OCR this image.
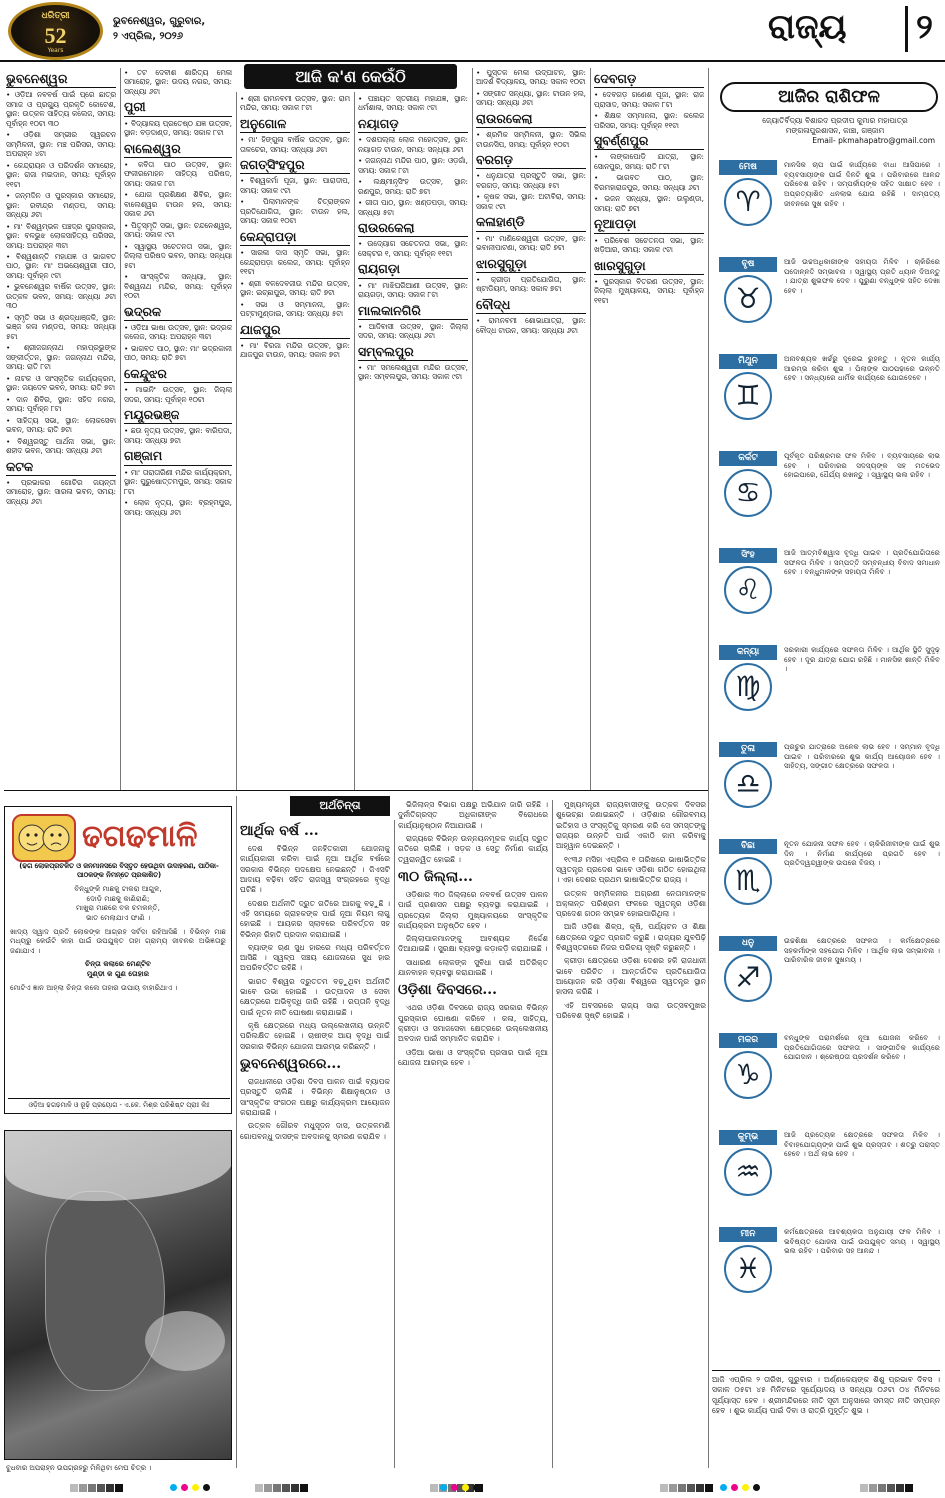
ଧରିତ୍ରୀ
52
Years
ଭୁବନେଶ୍ୱର, ଗୁରୁବାର,
୨ ଏପ୍ରିଲ, ୨୦୨୬	ରାଜ୍ୟ	୨
ଆଜି କ'ଣ କେଉଁଠି
ଭୁବନେଶ୍ୱର

• ଓଡ଼ିଆ ନବବର୍ଷ ପାଇଁ ପ୍ରେ ଛାତ୍ର ସମାଜ ଓ ପ୍ରଗ୍ୟୁ ପ୍ରକୃତି କୋଟେଶ, ସ୍ଥାନ: ଉତ୍କଳ ସାହିତ୍ୟ କଲେଜ, ସମୟ: ପୂର୍ବାହ୍ନ ୧୦ଟା ୩୦

• ଓଡ଼ିଶା ସମ୍ଭୀର ସ୍ୱରଚନ ସମ୍ମିଳନୀ, ସ୍ଥାନ: ମଞ୍ଚ ପରିସର, ସମୟ: ଅପରାହ୍ନ ୪ଟା

• କେନ୍ଦ୍ରାୟନ ଓ ପରିଦର୍ଶନ ସମାରୋହ, ସ୍ଥାନ: ରାଜା ମଇଦାନ, ସମୟ: ପୂର୍ବାହ୍ନ ୧୧ଟା

• ଜନ୍ମଦିନ ଓ ପୁରସ୍କାର ସମାରୋହ, ସ୍ଥାନ: ରବୀନ୍ଦ୍ର ମଣ୍ଡପ, ସମୟ: ସନ୍ଧ୍ୟା ୬ଟା

• ମା' ବିଶ୍ୱମ୍ଭଳ ପଞ୍ଚଦ୍ର ପୁରସ୍କାର, ସ୍ଥାନ: ବଳଭୁଝ ଲୋକସାହିତ୍ୟ ପରିସର, ସମୟ: ଅପରାହ୍ନ ୩ଟା

• ବିଶ୍ୱଶାନ୍ତି ମହାଯଜ୍ଞ ଓ ଭାଗବତ ପାଠ, ସ୍ଥାନ: ମା' ଅଭୟେଶ୍ୱରୀ ପୀଠ, ସମୟ: ପୂର୍ବାହ୍ନ ୯ଟା

• ଭୁବନେଶ୍ୱର ବାର୍ଷିକ ଉତ୍ସବ, ସ୍ଥାନ: ଉତ୍କଳ ଭବନ, ସମୟ: ସନ୍ଧ୍ୟା ୬ଟା ୩୦

• ସ୍ମୃତି ସଭା ଓ ଶ୍ରଦ୍ଧାଞ୍ଜଳି, ସ୍ଥାନ: ଭଞ୍ଜ କଳା ମଣ୍ଡପ, ସମୟ: ସନ୍ଧ୍ୟା ୫ଟା

• ଶ୍ରୀଜଗନ୍ନାଥ ମହାପ୍ରଭୁଙ୍କ ସଙ୍କୀର୍ତ୍ତନ, ସ୍ଥାନ: ଜଗନ୍ନାଥ ମନ୍ଦିର, ସମୟ: ରାତି ୮ଟା

• ନାଟକ ଓ ସାଂସ୍କୃତିକ କାର୍ଯ୍ୟକ୍ରମ, ସ୍ଥାନ: ଜୟଦେବ ଭବନ, ସମୟ: ରାତି ୭ଟା

• ଦାନ ଶିବିର, ସ୍ଥାନ: ସହିଦ ନଗର, ସମୟ: ପୂର୍ବାହ୍ନ ୮ଟା

• ସାହିତ୍ୟ ସଭା, ସ୍ଥାନ: ଲୋକସେବା ଭବନ, ସମୟ: ରାତି ୭ଟା

• ବିଶ୍ୱରସ୍ତୁ ପାର୍ଥନା ସଭା, ସ୍ଥାନ: ଶହୀଦ ଭବନ, ସମୟ: ସନ୍ଧ୍ୟା ୬ଟା

କଟକ

• ପ୍ରଭାକର ଗୋଚିର ଜୟନ୍ତୀ ସମାରୋହ, ସ୍ଥାନ: ସାରଳା ଭବନ, ସମୟ: ସନ୍ଧ୍ୟା ୬ଟା

• ତଟ ଦେବୀଶ ଶାରିତ୍ୟ ମେଳା ସମାରୋହ, ସ୍ଥାନ: ଉଦୟ ନଗର, ସମୟ: ସନ୍ଧ୍ୟା ୬ଟା

ପୁରୀ

• ବିଦ୍ୟାଳୟ ପ୍ରତେଷ୍ଠ ଯଜ୍ଞ ଉତ୍ସବ, ସ୍ଥାନ: ବଡ଼ଦାଣ୍ଡ, ସମୟ: ସକାଳ ୮ଟା

ବାଲେଶ୍ୱର

• କବିତା ପାଠ ଉତ୍ସବ, ସ୍ଥାନ: ଫକୀରମୋହନ ସାହିତ୍ୟ ପରିଷଦ, ସମୟ: ସକାଳ ୮ଟା

• ଯୋଗ ପ୍ରଶିକ୍ଷଣ ଶିବିର, ସ୍ଥାନ: ବାଲେଶ୍ୱର ଟାଉନ ହଲ, ସମୟ: ସକାଳ ୬ଟା

• ପିତୃସ୍ମୃତି ସଭା, ସ୍ଥାନ: ଚନ୍ଦନେଶ୍ୱର, ସମୟ: ସକାଳ ୯ଟା

• ସ୍ୱାସ୍ଥ୍ୟ ସଚେତନତା ସଭା, ସ୍ଥାନ: ଜିଲ୍ଲା ପରିଷଦ ଭବନ, ସମୟ: ସନ୍ଧ୍ୟା ୫ଟା

• ସାଂସ୍କୃତିକ ସନ୍ଧ୍ୟା, ସ୍ଥାନ: ବିଶ୍ୱନାଥ ମନ୍ଦିର, ସମୟ: ପୂର୍ବାହ୍ନ ୧୦ଟା

ଭଦ୍ରକ

• ଓଡ଼ିଆ ଭାଷା ଉତ୍ସବ, ସ୍ଥାନ: ଭଦ୍ରକ କଲେଜ, ସମୟ: ଅପରାହ୍ନ ୩ଟା

• ଭାଗବତ ପାଠ, ସ୍ଥାନ: ମା' ଭଦ୍ରକାଳୀ ପୀଠ, ସମୟ: ରାତି ୭ଟା

କେନ୍ଦୁଝର

• ମାଇନିଂ ଉତ୍ସବ, ସ୍ଥାନ: ଜିଲ୍ଲା ସଦର, ସମୟ: ପୂର୍ବାହ୍ନ ୧୦ଟା

ମୟୂରଭଞ୍ଜ

• ଛଉ ନୃତ୍ୟ ଉତ୍ସବ, ସ୍ଥାନ: ବାରିପଦା, ସମୟ: ସନ୍ଧ୍ୟା ୭ଟା

ଗଞ୍ଜାମ

• ମା' ତାରାତାରିଣୀ ମନ୍ଦିର କାର୍ଯ୍ୟକ୍ରମ, ସ୍ଥାନ: ପୁରୁଷୋତ୍ତମପୁର, ସମୟ: ସକାଳ ୮ଟା

• ଲୋକ ନୃତ୍ୟ, ସ୍ଥାନ: ବ୍ରହ୍ମପୁର, ସମୟ: ସନ୍ଧ୍ୟା ୬ଟା

• ଶ୍ରୀ ରାମନବମୀ ଉତ୍ସବ, ସ୍ଥାନ: ରାମ ମନ୍ଦିର, ସମୟ: ସକାଳ ୮ଟା

ଅନୁଗୋଳ

• ମା' ହିଙ୍ଗୁଳା ବାର୍ଷିକ ଉତ୍ସବ, ସ୍ଥାନ: ତାଳଚେର, ସମୟ: ସନ୍ଧ୍ୟା ୬ଟା

ଜଗତ୍‌ସିଂହପୁର

• ବିଶ୍ୱକର୍ମା ପୂଜା, ସ୍ଥାନ: ପାରାଦୀପ, ସମୟ: ସକାଳ ୯ଟା

• ପିଲାମାନଙ୍କ ଚିତ୍ରାଙ୍କନ ପ୍ରତିଯୋଗିତା, ସ୍ଥାନ: ଟାଉନ ହଲ, ସମୟ: ସକାଳ ୧୦ଟା

କେନ୍ଦ୍ରାପଡ଼ା

• ସାରଳା ଦାସ ସ୍ମୃତି ସଭା, ସ୍ଥାନ: କେନ୍ଦ୍ରାପଡ଼ା କଲେଜ, ସମୟ: ପୂର୍ବାହ୍ନ ୧୧ଟା

• ଶ୍ରୀ ବଳଦେବଜୀଉ ମନ୍ଦିର ଉତ୍ସବ, ସ୍ଥାନ: ଇଚ୍ଛାପୁର, ସମୟ: ରାତି ୭ଟା

• ସଭା ଓ ସମ୍ମାନନା, ସ୍ଥାନ: ପଟ୍ଟାମୁଣ୍ଡାଇ, ସମୟ: ସନ୍ଧ୍ୟା ୫ଟା

ଯାଜପୁର

• ମା' ବିରଜା ମନ୍ଦିର ଉତ୍ସବ, ସ୍ଥାନ: ଯାଜପୁର ଟାଉନ, ସମୟ: ସକାଳ ୭ଟା

• ପଞ୍ଚାୟତ ସ୍ତରୀୟ ମହାଯଜ୍ଞ, ସ୍ଥାନ: ଧର୍ମଶାଳା, ସମୟ: ସକାଳ ୯ଟା

ନୟାଗଡ଼

• ଦଶପଲ୍ଲା ଲୋକ ମହୋତ୍ସବ, ସ୍ଥାନ: ନୟାଗଡ଼ ଟାଉନ, ସମୟ: ସନ୍ଧ୍ୟା ୬ଟା

• ଜଗନ୍ନାଥ ମନ୍ଦିର ପାଠ, ସ୍ଥାନ: ଓଡ଼ଗାଁ, ସମୟ: ସକାଳ ୮ଟା

• ଲକ୍ଷ୍ମୀନୃସିଂହ ଉତ୍ସବ, ସ୍ଥାନ: ରଣପୁର, ସମୟ: ରାତି ୭ଟା

• ଗୀତା ପାଠ, ସ୍ଥାନ: ଖଣ୍ଡପଡ଼ା, ସମୟ: ସନ୍ଧ୍ୟା ୫ଟା

ରାଉରକେଲା

• ଉଦ୍ୟୋଗ ସଚେତନତା ସଭା, ସ୍ଥାନ: ସେକ୍ଟର ୧, ସମୟ: ପୂର୍ବାହ୍ନ ୧୧ଟା

ରାୟଗଡ଼ା

• ମା' ମାଝିଘରିଆଣୀ ଉତ୍ସବ, ସ୍ଥାନ: ରାୟଗଡ଼ା, ସମୟ: ସକାଳ ୮ଟା

ମାଲକାନଗିରି

• ଆଦିବାସୀ ଉତ୍ସବ, ସ୍ଥାନ: ଜିଲ୍ଲା ସଦର, ସମୟ: ସନ୍ଧ୍ୟା ୬ଟା

ସମ୍ବଲପୁର

• ମା' ସମଲେଶ୍ୱରୀ ମନ୍ଦିର ଉତ୍ସବ, ସ୍ଥାନ: ସମ୍ବଲପୁର, ସମୟ: ସକାଳ ୯ଟା

• ପୁସ୍ତକ ମେଳା ଉଦ୍‌ଘାଟନ, ସ୍ଥାନ: ଆଦର୍ଶ ବିଦ୍ୟାଳୟ, ସମୟ: ସକାଳ ୧୦ଟା

• ସଙ୍ଗୀତ ସନ୍ଧ୍ୟା, ସ୍ଥାନ: ଟାଉନ ହଲ, ସମୟ: ସନ୍ଧ୍ୟା ୬ଟା

ରାଉରକେଲା

• ଶ୍ରମିକ ସମ୍ମିଳନୀ, ସ୍ଥାନ: ସିଭିଲ ଟାଉନସିପ, ସମୟ: ପୂର୍ବାହ୍ନ ୧୦ଟା

ବରଗଡ଼

• ଧନୁଯାତ୍ରା ପ୍ରସ୍ତୁତି ସଭା, ସ୍ଥାନ: ବରଗଡ଼, ସମୟ: ସନ୍ଧ୍ୟା ୫ଟା

• କୃଷକ ସଭା, ସ୍ଥାନ: ଅଟାବିରା, ସମୟ: ସକାଳ ୯ଟା

କଳାହାଣ୍ଡି

• ମା' ମାଣିକେଶ୍ୱରୀ ଉତ୍ସବ, ସ୍ଥାନ: ଭବାନୀପାଟଣା, ସମୟ: ରାତି ୭ଟା

ଝାରସୁଗୁଡ଼ା

• କ୍ରୀଡ଼ା ପ୍ରତିଯୋଗିତା, ସ୍ଥାନ: ଷ୍ଟାଡିୟମ, ସମୟ: ସକାଳ ୭ଟା

ବୌଦ୍ଧ

• ରାମନବମୀ ଶୋଭାଯାତ୍ରା, ସ୍ଥାନ: ବୌଦ୍ଧ ଟାଉନ, ସମୟ: ସନ୍ଧ୍ୟା ୬ଟା

ଦେବଗଡ଼

• ଦେବଗଡ଼ ଗଣେଶ ପୂଜା, ସ୍ଥାନ: ରାଜ ପ୍ରାସାଦ, ସମୟ: ସକାଳ ୮ଟା

• ଶିକ୍ଷକ ସମ୍ମାନନା, ସ୍ଥାନ: କଲେଜ ପରିସର, ସମୟ: ପୂର୍ବାହ୍ନ ୧୧ଟା

ସୁବର୍ଣ୍ଣପୁର

• ଲଙ୍କାପୋଡ଼ି ଯାତ୍ରା, ସ୍ଥାନ: ସୋନପୁର, ସମୟ: ରାତି ୮ଟା

• ଭାଗବତ ପାଠ, ସ୍ଥାନ: ବିରମହାରାଜପୁର, ସମୟ: ସନ୍ଧ୍ୟା ୬ଟା

• ଭଜନ ସନ୍ଧ୍ୟା, ସ୍ଥାନ: ଉଲୁଣ୍ଡା, ସମୟ: ରାତି ୭ଟା

ନୂଆପଡ଼ା

• ପରିବେଶ ସଚେତନତା ସଭା, ସ୍ଥାନ: ଖଡ଼ିଆର, ସମୟ: ସକାଳ ୯ଟା

ଖାରସୁଗୁଡ଼ା

• ପୁରସ୍କାର ବିତରଣ ଉତ୍ସବ, ସ୍ଥାନ: ଜିଲ୍ଲା ମୁଖ୍ୟାଳୟ, ସମୟ: ପୂର୍ବାହ୍ନ ୧୧ଟା

ଆଜିର ରାଶିଫଳ
ଜ୍ୟୋତିର୍ବିଦ୍ୟା ବିଶାରଦ ପ୍ରଦୀପ କୁମାର ମହାପାତ୍ର
ମଙ୍ଗଳାପୁରଶାସନ, କାଞ୍ଚା, ଗଞ୍ଜାମ
Email- pkmahapatro@gmail.com
ମେଷ
♈
ମାନସିକ ଚାପ ପାଇଁ କାର୍ଯ୍ୟରେ ବାଧା ଆସିପାରେ । ବ୍ୟବସାୟୀଙ୍କ ପାଇଁ ଦିନଟି ଶୁଭ । ପରିବାରରେ ଆନନ୍ଦ ପରିବେଶ ରହିବ । ସମ୍ପର୍କୀୟଙ୍କ ସହିତ ସାକ୍ଷାତ ହେବ । ଅପ୍ରତ୍ୟାଶିତ ଧନଲାଭ ଯୋଗ ରହିଛି । ଦାମ୍ପତ୍ୟ ଜୀବନରେ ସୁଖ ରହିବ ।
ବୃଷ
♉
ଆଜି ଉଚ୍ଚଅଧିକାରୀଙ୍କ ସହାୟତା ମିଳିବ । ଚାକିରିରେ ପଦୋନ୍ନତି ସମ୍ଭାବନା । ସ୍ୱାସ୍ଥ୍ୟ ପ୍ରତି ଧ୍ୟାନ ଦିଅନ୍ତୁ । ଯାତ୍ରା ଶୁଭଫଳ ଦେବ । ପୁରୁଣା ବନ୍ଧୁଙ୍କ ସହିତ ଦେଖା ହେବ ।
ମିଥୁନ
♊
ଅନାବଶ୍ୟକ ଖର୍ଚ୍ଚରୁ ଦୂରେଇ ରୁହନ୍ତୁ । ନୂତନ କାର୍ଯ୍ୟ ଆରମ୍ଭ କରିବା ଶୁଭ । ପିଲାଙ୍କ ପାଠପଢ଼ାରେ ଉନ୍ନତି ହେବ । ସନ୍ଧ୍ୟାରେ ଧାର୍ମିକ କାର୍ଯ୍ୟରେ ଯୋଗଦେବେ ।
କର୍କଟ
♋
ପୂର୍ବକୃତ ପରିଶ୍ରମର ଫଳ ମିଳିବ । ବ୍ୟବସାୟରେ ଲାଭ ହେବ । ପରିବାରର ସଦସ୍ୟଙ୍କ ସହ ମତଭେଦ ହୋଇପାରେ, ଧୈର୍ଯ୍ୟ ରଖନ୍ତୁ । ସ୍ୱାସ୍ଥ୍ୟ ଭଲ ରହିବ ।
ସିଂହ
♌
ଆଜି ଆତ୍ମବିଶ୍ୱାସ ବୃଦ୍ଧି ପାଇବ । ପ୍ରତିଯୋଗିତାରେ ସଫଳତା ମିଳିବ । ସମ୍ପତ୍ତି ସମ୍ବନ୍ଧୀୟ ବିବାଦ ସମାଧାନ ହେବ । ବନ୍ଧୁମାନଙ୍କ ସହାୟତା ମିଳିବ ।
କନ୍ୟା
♍
ସରକାରୀ କାର୍ଯ୍ୟରେ ସଫଳତା ମିଳିବ । ଆର୍ଥିକ ସ୍ଥିତି ସୁଦୃଢ଼ ହେବ । ଦୂର ଯାତ୍ରା ଯୋଗ ରହିଛି । ମାନସିକ ଶାନ୍ତି ମିଳିବ ।
ତୁଳା
♎
ପ୍ରଚୁର ଯାତ୍ରାରେ ଅନେକ ଲାଭ ହେବ । ସମ୍ମାନ ବୃଦ୍ଧି ପାଇବ । ପରିବାରରେ ଶୁଭ କାର୍ଯ୍ୟ ଆୟୋଜନ ହେବ । ସାହିତ୍ୟ, ସଙ୍ଗୀତ କ୍ଷେତ୍ରରେ ସଫଳତା ।
ବିଛା
♏
ନୂତନ ଯୋଜନା ସଫଳ ହେବ । ଚାକିରିଜୀବୀଙ୍କ ପାଇଁ ଶୁଭ ଦିନ । ନିର୍ମାଣ କାର୍ଯ୍ୟରେ ପ୍ରଗତି ହେବ । ପ୍ରତିଦ୍ୱନ୍ଦ୍ୱୀଙ୍କ ଉପରେ ବିଜୟ ।
ଧନୁ
♐
ଉଚ୍ଚଶିକ୍ଷା କ୍ଷେତ୍ରରେ ସଫଳତା । କର୍ମକ୍ଷେତ୍ରରେ ସହକର୍ମୀଙ୍କ ସହଯୋଗ ମିଳିବ । ଆର୍ଥିକ ଲାଭ ସମ୍ଭାବନା । ପାରିବାରିକ ଜୀବନ ସୁଖମୟ ।
ମକର
♑
ବନ୍ଧୁଙ୍କ ପରାମର୍ଶରେ ନୂଆ ଯୋଜନା କରିବେ । ପ୍ରତିଯୋଗିତାରେ ସଫଳତା । ସାଙ୍ଗୀତିକ କାର୍ଯ୍ୟରେ ଯୋଗଦାନ । ଶ୍ରେଷ୍ଠତା ପ୍ରଦର୍ଶନ କରିବେ ।
କୁମ୍ଭ
♒
ଆଜି ପ୍ରତ୍ୟେକ କ୍ଷେତ୍ରରେ ସଫଳତା ମିଳିବ । ବିବାହଯୋଗ୍ୟଙ୍କ ପାଇଁ ଶୁଭ ପ୍ରସ୍ତାବ । ଶତ୍ରୁ ପରାସ୍ତ ହେବେ । ଅର୍ଥ ଲାଭ ହେବ ।
ମୀନ
♓
କର୍ମକ୍ଷେତ୍ରରେ ଆବଶ୍ୟକତା ଅନୁଯାୟୀ ଫଳ ମିଳିବ । ଭବିଷ୍ୟତ ଯୋଜନା ପାଇଁ ଉପଯୁକ୍ତ ସମୟ । ସ୍ୱାସ୍ଥ୍ୟ ଭଲ ରହିବ । ପରିବାର ସହ ଆନନ୍ଦ ।
ଢଗଢମାଳି
(ଢଗ ଲୋକପ୍ରଚଳିତ ଓ ଜନମାନସରେ ବିସ୍ତୃତ ହେଉଥିବା ଉଦାହରଣ, ପାଠିକା-ପାଠକଙ୍କ ନିମନ୍ତେ ପ୍ରକାଶିତ)
ବିନ୍ଧୁଙ୍କି ମାଛକୁ ଟାକରା ଆଗୁଳ,
ଦୋଡ଼ି ମାଛକୁ କାଣିରାଣି;
ମାଖୁରା ମାଛରେ ବକ ଚମକନ୍ତି,
ଭାତ ମେଲାଯାଏ ଫାଣି ।
ଖାଦ୍ୟ ସ୍ୱାଦ ପ୍ରତି ଲୋକଙ୍କ ଆଗ୍ରହ ସର୍ବଦା ରହିଆସିଛି । ବିଭିନ୍ନ ମାଛ ମଧ୍ୟରୁ କେଉଁଟି କାହା ପାଇଁ ଉପଯୁକ୍ତ ତାହା ଗ୍ରାମ୍ୟ ଜୀବନର ଅଭିଜ୍ଞତାରୁ ଜଣାଯାଏ ।
ଚିନ୍ତା କଲାରେ ମେଣ୍ଟିବ
ମୁଣ୍ଡୀ କ ଗୁଣ ତୋହାର
ମୋଟିଏ ଜ୍ଞାନ ଆହ୍ଲା ଚିନ୍ତା କଲେ ତାହାର ଉପାୟ ବାହାରିଥାଏ ।
ଓଡ଼ିଆ ଢଗଢମାଳି ଓ ରୂଢ଼ି ପ୍ରୟୋଗ - ଏ.କେ. ମିଶ୍ର ପରିଶିଷ୍ଟ ପ୍ରାଃ ଲିଃ
ବୁଧବାର ଅପରାହ୍ନ ଉପଗ୍ରହରୁ ମିଳିଥିବା ମେଘ ଚିତ୍ର ।
ଅର୍ଥଚିନ୍ତା
ଆର୍ଥିକ ବର୍ଷ ...

ଦେଶ ବିଭିନ୍ନ ଜନହିତକାରୀ ଯୋଜନାକୁ କାର୍ଯ୍ୟକାରୀ କରିବା ପାଇଁ ନୂଆ ଆର୍ଥିକ ବର୍ଷରେ ସରକାର ବିଭିନ୍ନ ପଦକ୍ଷେପ ନେଇଛନ୍ତି । ଜିଏସଟି ଆଦାୟ ବଢ଼ିବା ସହିତ ରାଜସ୍ୱ ସଂଗ୍ରହରେ ବୃଦ୍ଧି ଘଟିଛି ।

ଦେଶର ଅର୍ଥନୀତି ଦ୍ରୁତ ଗତିରେ ଆଗକୁ ବଢ଼ୁଛି । ଏହି ସମୟରେ ଗ୍ରାହକଙ୍କ ପାଇଁ ନୂଆ ନିୟମ ଲାଗୁ ହୋଇଛି । ଆୟକର ସ୍ଲାବରେ ପରିବର୍ତ୍ତନ ସହ ବିଭିନ୍ନ ରିହାତି ପ୍ରଦାନ କରାଯାଇଛି ।

ବ୍ୟାଙ୍କ ଋଣ ସୁଧ ହାରରେ ମଧ୍ୟ ପରିବର୍ତ୍ତନ ଆସିଛି । ସ୍ୱଳ୍ପ ସଞ୍ଚୟ ଯୋଜନାରେ ସୁଧ ହାର ଅପରିବର୍ତ୍ତିତ ରହିଛି ।

ଭାରତ ବିଶ୍ୱର ଦ୍ରୁତତମ ବଢ଼ୁଥିବା ଅର୍ଥନୀତି ଭାବେ ଉଭା ହୋଇଛି । ଉତ୍ପାଦନ ଓ ସେବା କ୍ଷେତ୍ରରେ ଅଭିବୃଦ୍ଧି ଜାରି ରହିଛି । ରପ୍ତାନି ବୃଦ୍ଧି ପାଇଁ ନୂତନ ନୀତି ଘୋଷଣା କରାଯାଇଛି ।

କୃଷି କ୍ଷେତ୍ରରେ ମଧ୍ୟ ଉଲ୍ଲେଖନୀୟ ଉନ୍ନତି ପରିଲକ୍ଷିତ ହୋଇଛି । ଚାଷୀଙ୍କ ଆୟ ବୃଦ୍ଧି ପାଇଁ ସରକାର ବିଭିନ୍ନ ଯୋଜନା ଆରମ୍ଭ କରିଛନ୍ତି ।

ଭୁବନେଶ୍ୱରରେ...

ରାଜଧାନୀରେ ଓଡ଼ିଶା ଦିବସ ପାଳନ ପାଇଁ ବ୍ୟାପକ ପ୍ରସ୍ତୁତି ଚାଲିଛି । ବିଭିନ୍ନ ଶିକ୍ଷାନୁଷ୍ଠାନ ଓ ସାଂସ୍କୃତିକ ସଂଗଠନ ପକ୍ଷରୁ କାର୍ଯ୍ୟକ୍ରମ ଆୟୋଜନ କରାଯାଇଛି ।

ଉତ୍କଳ ଗୌରବ ମଧୁସୂଦନ ଦାସ, ଉତ୍କଳମଣି ଗୋପବନ୍ଧୁ ଦାସଙ୍କ ଅବଦାନକୁ ସ୍ମରଣ କରାଯିବ ।

ଭିଜିଲାନ୍ସ ବିଭାଗ ପକ୍ଷରୁ ଅଭିଯାନ ଜାରି ରହିଛି । ଦୁର୍ନୀତିଗ୍ରସ୍ତ ଅଧିକାରୀଙ୍କ ବିରୋଧରେ କାର୍ଯ୍ୟାନୁଷ୍ଠାନ ନିଆଯାଉଛି ।

ରାଜ୍ୟରେ ବିଭିନ୍ନ ଉନ୍ନୟନମୂଳକ କାର୍ଯ୍ୟ ଦ୍ରୁତ ଗତିରେ ଚାଲିଛି । ସଡ଼କ ଓ ସେତୁ ନିର୍ମାଣ କାର୍ଯ୍ୟ ତ୍ୱରାନ୍ୱିତ ହୋଇଛି ।

୩୦ ଜିଲ୍ଲା...

ଓଡ଼ିଶାର ୩୦ ଜିଲ୍ଲାରେ ନବବର୍ଷ ଉତ୍ସବ ପାଳନ ପାଇଁ ପ୍ରଶାସନ ପକ୍ଷରୁ ବ୍ୟବସ୍ଥା କରାଯାଇଛି । ପ୍ରତ୍ୟେକ ଜିଲ୍ଲା ମୁଖ୍ୟାଳୟରେ ସାଂସ୍କୃତିକ କାର୍ଯ୍ୟକ୍ରମ ଅନୁଷ୍ଠିତ ହେବ ।

ଜିଲ୍ଲାପାଳମାନଙ୍କୁ ଆବଶ୍ୟକ ନିର୍ଦ୍ଦେଶ ଦିଆଯାଇଛି । ସୁରକ୍ଷା ବ୍ୟବସ୍ଥା କଡ଼ାକଡ଼ି କରାଯାଇଛି ।

ସାଧାରଣ ଲୋକଙ୍କ ସୁବିଧା ପାଇଁ ଅତିରିକ୍ତ ଯାନବାହନ ବ୍ୟବସ୍ଥା କରାଯାଇଛି ।

ଓଡ଼ିଶା ଦିବସରେ...

ଏଥର ଓଡ଼ିଶା ଦିବସରେ ରାଜ୍ୟ ସରକାର ବିଭିନ୍ନ ପୁରସ୍କାର ଘୋଷଣା କରିବେ । କଳା, ସାହିତ୍ୟ, କ୍ରୀଡ଼ା ଓ ସମାଜସେବା କ୍ଷେତ୍ରରେ ଉଲ୍ଲେଖନୀୟ ଅବଦାନ ପାଇଁ ସମ୍ମାନିତ କରାଯିବ ।

ଓଡ଼ିଆ ଭାଷା ଓ ସଂସ୍କୃତିର ପ୍ରସାର ପାଇଁ ନୂଆ ଯୋଜନା ଆରମ୍ଭ ହେବ ।

ମୁଖ୍ୟମନ୍ତ୍ରୀ ରାଜ୍ୟବାସୀଙ୍କୁ ଉତ୍କଳ ଦିବସର ଶୁଭେଚ୍ଛା ଜଣାଇଛନ୍ତି । ଓଡ଼ିଶାର ଗୌରବମୟ ଇତିହାସ ଓ ସଂସ୍କୃତିକୁ ସ୍ମରଣ କରି ସେ ସମସ୍ତଙ୍କୁ ରାଜ୍ୟର ଉନ୍ନତି ପାଇଁ ଏକାଠି କାମ କରିବାକୁ ଆହ୍ୱାନ ଦେଇଛନ୍ତି ।

୧୯୩୬ ମସିହା ଏପ୍ରିଲ ୧ ତାରିଖରେ ଭାଷାଭିତ୍ତିକ ସ୍ୱତନ୍ତ୍ର ପ୍ରଦେଶ ଭାବେ ଓଡ଼ିଶା ଗଠିତ ହୋଇଥିଲା । ଏହା ଦେଶର ପ୍ରଥମ ଭାଷାଭିତ୍ତିକ ରାଜ୍ୟ ।

ଉତ୍କଳ ସମ୍ମିଳନୀର ଅଗ୍ରଣୀ ନେତାମାନଙ୍କ ଅକ୍ଳାନ୍ତ ପରିଶ୍ରମ ଫଳରେ ସ୍ୱତନ୍ତ୍ର ଓଡ଼ିଶା ପ୍ରଦେଶ ଗଠନ ସମ୍ଭବ ହୋଇପାରିଥିଲା ।

ଆଜି ଓଡ଼ିଶା ଶିଳ୍ପ, କୃଷି, ପର୍ଯ୍ୟଟନ ଓ ଶିକ୍ଷା କ୍ଷେତ୍ରରେ ଦ୍ରୁତ ପ୍ରଗତି କରୁଛି । ରାଜ୍ୟର ଯୁବପିଢ଼ି ବିଶ୍ୱସ୍ତରରେ ନିଜର ପରିଚୟ ସୃଷ୍ଟି କରୁଛନ୍ତି ।

କ୍ରୀଡ଼ା କ୍ଷେତ୍ରରେ ଓଡ଼ିଶା ଦେଶର ହକି ରାଜଧାନୀ ଭାବେ ପରିଚିତ । ଆନ୍ତର୍ଜାତିକ ପ୍ରତିଯୋଗିତା ଆୟୋଜନ କରି ଓଡ଼ିଶା ବିଶ୍ୱରେ ସ୍ୱତନ୍ତ୍ର ସ୍ଥାନ ହାସଲ କରିଛି ।

ଏହି ଅବସରରେ ରାଜ୍ୟ ସାରା ଉତ୍ସବମୁଖର ପରିବେଶ ସୃଷ୍ଟି ହୋଇଛି ।

ଆଜି ଏପ୍ରିଲ ୨ ତାରିଖ, ଗୁରୁବାର । ଅର୍ଣ୍ଣକେୟଙ୍କ ଶିଶୁ ପ୍ରଭାବ ଦିବସ । ସକାଳ ୦୫ଟା ୪୫ ମିନିଟରେ ସୂର୍ଯ୍ୟୋଦୟ ଓ ସନ୍ଧ୍ୟା ୦୬ଟା ୦୪ ମିନିଟରେ ସୂର୍ଯ୍ୟାସ୍ତ ହେବ । ଶ୍ରୀମନ୍ଦିରରେ ନୀତି ସୂଚୀ ଅନୁସାରେ ସମସ୍ତ ନୀତି ସମ୍ପନ୍ନ ହେବ । ଶୁଭ କାର୍ଯ୍ୟ ପାଇଁ ଦିବା ଓ ରାତ୍ରି ମୁହୂର୍ତ୍ତ ଶୁଭ ।
